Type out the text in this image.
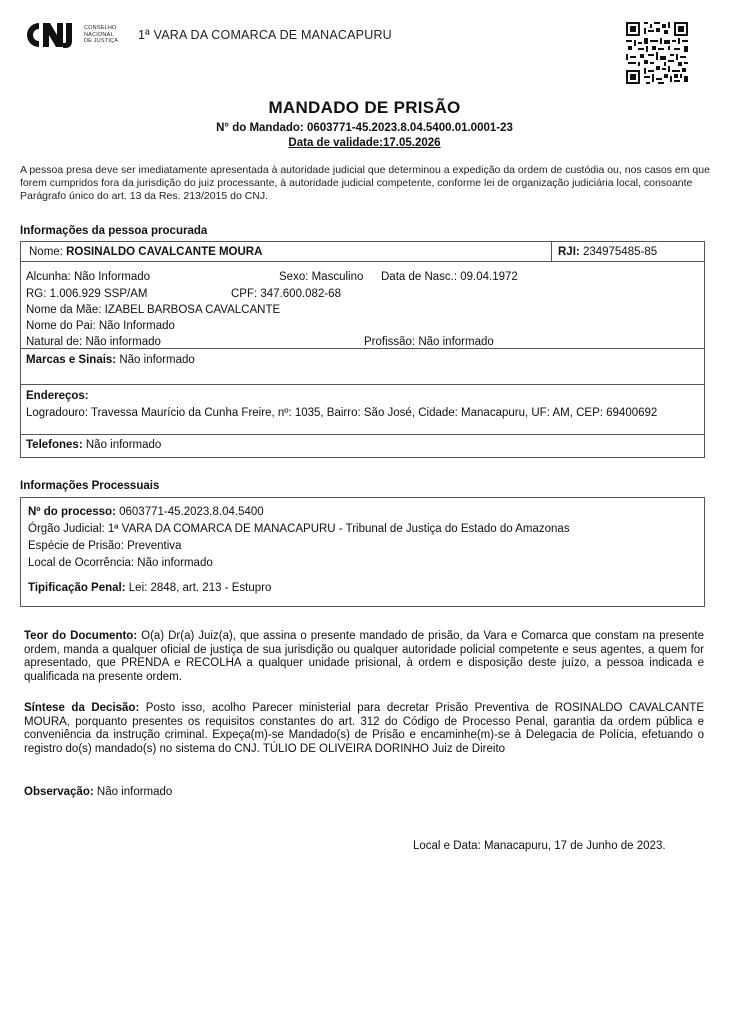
CNJ
CONSELHO
NACIONAL
DE JUSTIÇA 1ª VARA DA COMARCA DE MANACAPURU
MANDADO DE PRISÃO
N° do Mandado: 0603771-45.2023.8.04.5400.01.0001-23
Data de validade:17.05.2026
A pessoa presa deve ser imediatamente apresentada à autoridade judicial que determinou a expedição da ordem de custódia ou, nos casos em que forem cumpridos fora da jurisdição do juiz processante, à autoridade judicial competente, conforme lei de organização judiciária local, consoante Parágrafo único do art. 13 da Res. 213/2015 do CNJ.
Informações da pessoa procurada
Nome: ROSINALDO CAVALCANTE MOURA	RJI: 234975485-85
Alcunha: Não Informado	Sexo: Masculino Data de Nasc.: 09.04.1972
RG: 1.006.929 SSP/AM	CPF: 347.600.082-68
Nome da Mãe: IZABEL BARBOSA CAVALCANTE
Nome do Pai: Não Informado
Natural de: Não informado	Profissão: Não informado
Marcas e Sinais: Não informado
Endereços:
Logradouro: Travessa Maurício da Cunha Freire, nº: 1035, Bairro: São José, Cidade: Manacapuru, UF: AM, CEP: 69400692
Telefones: Não informado
Informações Processuais
Nº do processo: 0603771-45.2023.8.04.5400
Órgão Judicial: 1ª VARA DA COMARCA DE MANACAPURU - Tribunal de Justiça do Estado do Amazonas
Espécie de Prisão: Preventiva
Local de Ocorrência: Não informado
Tipificação Penal: Lei: 2848, art. 213 - Estupro
Teor do Documento: O(a) Dr(a) Juiz(a), que assina o presente mandado de prisão, da Vara e Comarca que constam na presente ordem, manda a qualquer oficial de justiça de sua jurisdição ou qualquer autoridade policial competente e seus agentes, a quem for apresentado, que PRENDA e RECOLHA a qualquer unidade prisional, à ordem e disposição deste juízo, a pessoa indicada e qualificada na presente ordem.
Síntese da Decisão: Posto isso, acolho Parecer ministerial para decretar Prisão Preventiva de ROSINALDO CAVALCANTE MOURA, porquanto presentes os requisitos constantes do art. 312 do Código de Processo Penal, garantia da ordem pública e conveniência da instrução criminal. Expeça(m)-se Mandado(s) de Prisão e encaminhe(m)-se à Delegacia de Polícia, efetuando o registro do(s) mandado(s) no sistema do CNJ. TÚLIO DE OLIVEIRA DORINHO Juiz de Direito
Observação: Não informado
Local e Data: Manacapuru, 17 de Junho de 2023.
